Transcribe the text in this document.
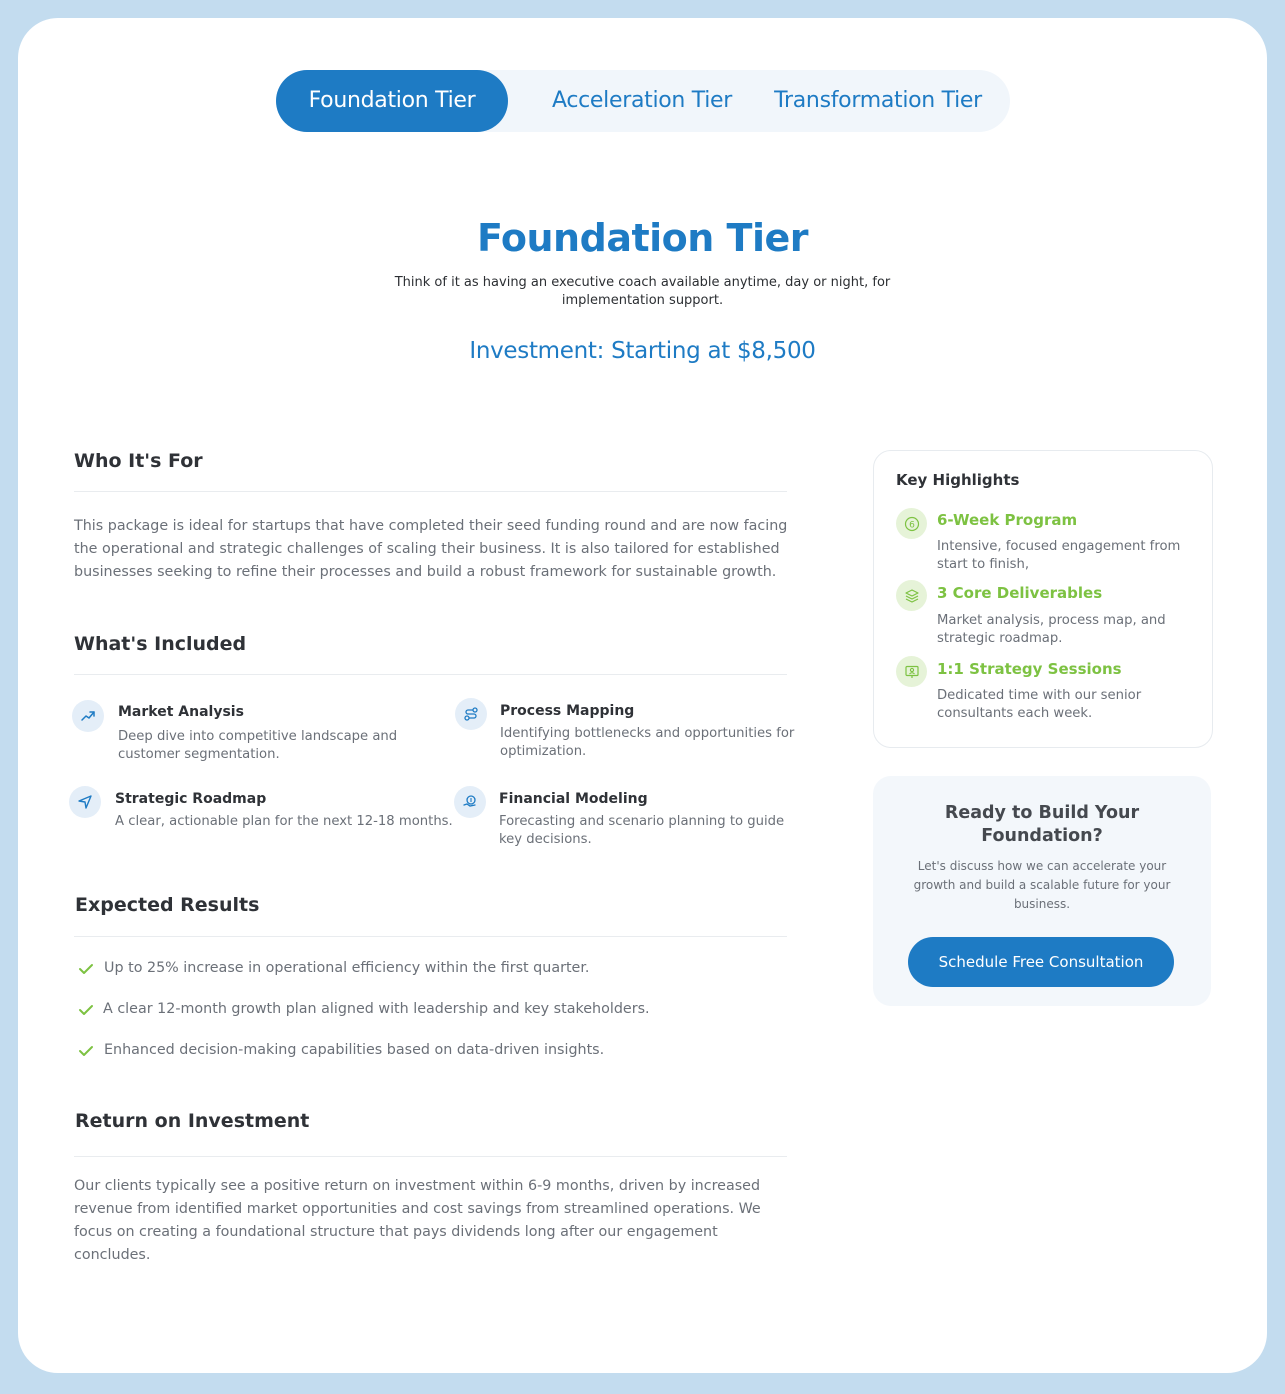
Foundation Tier	Acceleration Tier	Transformation Tier
Foundation Tier
Think of it as having an executive coach available anytime, day or night, for implementation support.
Investment: Starting at $8,500
Who It's For
This package is ideal for startups that have completed their seed funding round and are now facing the operational and strategic challenges of scaling their business. It is also tailored for established businesses seeking to refine their processes and build a robust framework for sustainable growth.
What's Included
Market Analysis
Deep dive into competitive landscape and customer segmentation.
Process Mapping
Identifying bottlenecks and opportunities for optimization.
Strategic Roadmap
A clear, actionable plan for the next 12-18 months.
Financial Modeling
Forecasting and scenario planning to guide key decisions.
Expected Results
Up to 25% increase in operational efficiency within the first quarter.
A clear 12-month growth plan aligned with leadership and key stakeholders.
Enhanced decision-making capabilities based on data-driven insights.
Return on Investment
Our clients typically see a positive return on investment within 6-9 months, driven by increased revenue from identified market opportunities and cost savings from streamlined operations. We focus on creating a foundational structure that pays dividends long after our engagement concludes.
Key Highlights
6 6-Week Program
Intensive, focused engagement from start to finish,
3 Core Deliverables
Market analysis, process map, and strategic roadmap.
1:1 Strategy Sessions
Dedicated time with our senior consultants each week.
Ready to Build Your Foundation?
Let's discuss how we can accelerate your growth and build a scalable future for your business.
Schedule Free Consultation
